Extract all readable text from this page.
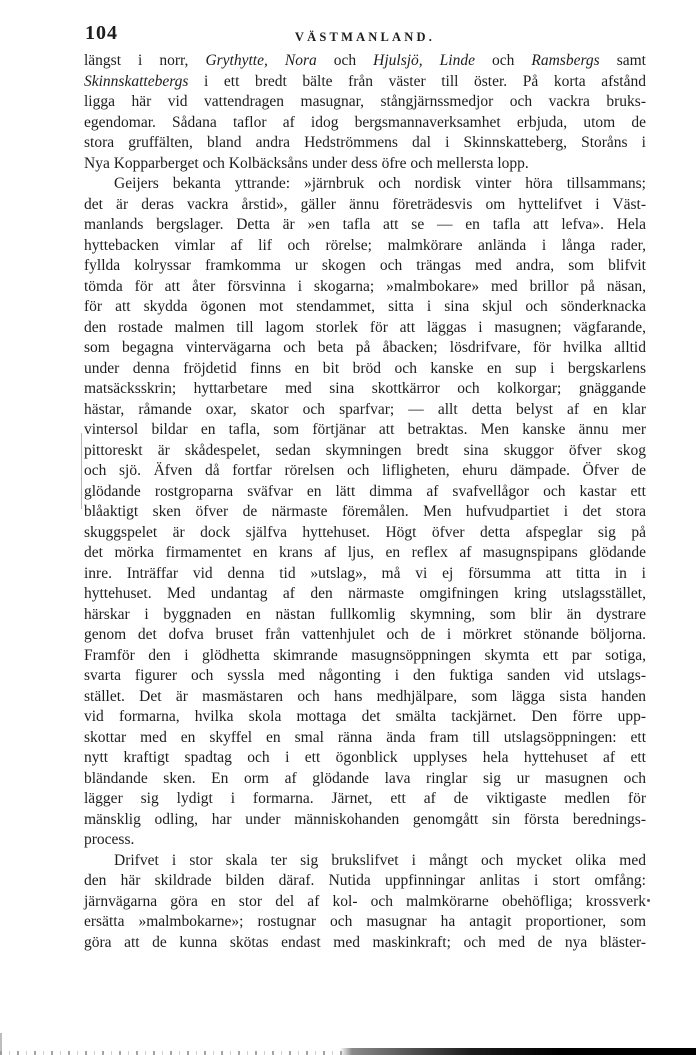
104	VÄSTMANLAND.
längst i norr, Grythytte, Nora och Hjulsjö, Linde och Ramsbergs samt
Skinnskattebergs i ett bredt bälte från väster till öster. På korta afstånd
ligga här vid vattendragen masugnar, stångjärnssmedjor och vackra bruks-
egendomar. Sådana taflor af idog bergsmannaverksamhet erbjuda, utom de
stora gruffälten, bland andra Hedströmmens dal i Skinnskatteberg, Storåns i
Nya Kopparberget och Kolbäcksåns under dess öfre och mellersta lopp.
Geijers bekanta yttrande: »järnbruk och nordisk vinter höra tillsammans;
det är deras vackra årstid», gäller ännu företrädesvis om hyttelifvet i Väst-
manlands bergslager. Detta är »en tafla att se — en tafla att lefva». Hela
hyttebacken vimlar af lif och rörelse; malmkörare anlända i långa rader,
fyllda kolryssar framkomma ur skogen och trängas med andra, som blifvit
tömda för att åter försvinna i skogarna; »malmbokare» med brillor på näsan,
för att skydda ögonen mot stendammet, sitta i sina skjul och sönderknacka
den rostade malmen till lagom storlek för att läggas i masugnen; vägfarande,
som begagna vintervägarna och beta på åbacken; lösdrifvare, för hvilka alltid
under denna fröjdetid finns en bit bröd och kanske en sup i bergskarlens
matsäcksskrin; hyttarbetare med sina skottkärror och kolkorgar; gnäggande
hästar, råmande oxar, skator och sparfvar; — allt detta belyst af en klar
vintersol bildar en tafla, som förtjänar att betraktas. Men kanske ännu mer
pittoreskt är skådespelet, sedan skymningen bredt sina skuggor öfver skog
och sjö. Äfven då fortfar rörelsen och lifligheten, ehuru dämpade. Öfver de
glödande rostgroparna sväfvar en lätt dimma af svafvellågor och kastar ett
blåaktigt sken öfver de närmaste föremålen. Men hufvudpartiet i det stora
skuggspelet är dock själfva hyttehuset. Högt öfver detta afspeglar sig på
det mörka firmamentet en krans af ljus, en reflex af masugnspipans glödande
inre. Inträffar vid denna tid »utslag», må vi ej försumma att titta in i
hyttehuset. Med undantag af den närmaste omgifningen kring utslagsstället,
härskar i byggnaden en nästan fullkomlig skymning, som blir än dystrare
genom det dofva bruset från vattenhjulet och de i mörkret stönande böljorna.
Framför den i glödhetta skimrande masugnsöppningen skymta ett par sotiga,
svarta figurer och syssla med någonting i den fuktiga sanden vid utslags-
stället. Det är masmästaren och hans medhjälpare, som lägga sista handen
vid formarna, hvilka skola mottaga det smälta tackjärnet. Den förre upp-
skottar med en skyffel en smal ränna ända fram till utslagsöppningen: ett
nytt kraftigt spadtag och i ett ögonblick upplyses hela hyttehuset af ett
bländande sken. En orm af glödande lava ringlar sig ur masugnen och
lägger sig lydigt i formarna. Järnet, ett af de viktigaste medlen för
mänsklig odling, har under människohanden genomgått sin första berednings-
process.
Drifvet i stor skala ter sig brukslifvet i mångt och mycket olika med
den här skildrade bilden däraf. Nutida uppfinningar anlitas i stort omfång:
järnvägarna göra en stor del af kol- och malmkörarne obehöfliga; krossverk
ersätta »malmbokarne»; rostugnar och masugnar ha antagit proportioner, som
göra att de kunna skötas endast med maskinkraft; och med de nya bläster-
